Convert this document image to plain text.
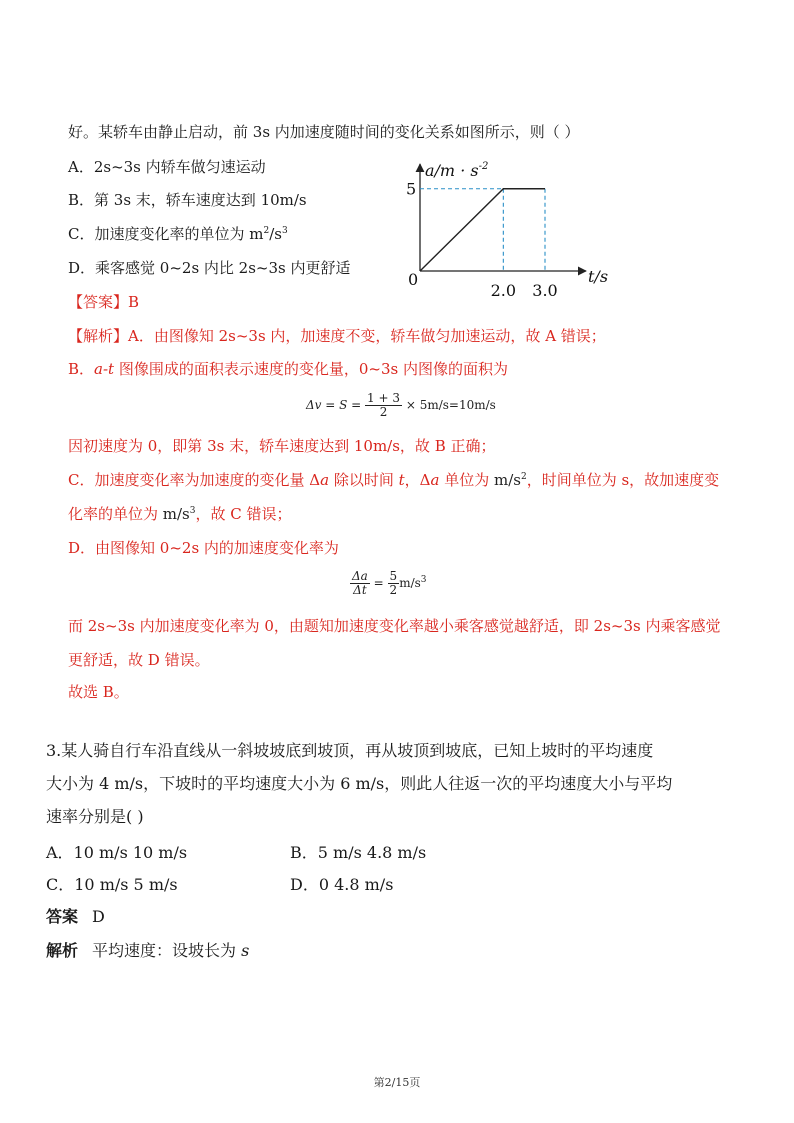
好。某轿车由静止启动，前 3s 内加速度随时间的变化关系如图所示，则（ ）
A．2s~3s 内轿车做匀速运动
B．第 3s 末，轿车速度达到 10m/s
C．加速度变化率的单位为 $m^2/s^3$
D．乘客感觉 0~2s 内比 2s~3s 内更舒适
$a/m \cdot s^{-2}$
t/s
0
5
2.0 3.0
【答案】B
【解析】A．由图像知 2s~3s 内，加速度不变，轿车做匀加速运动，故 A 错误；
B．a-t 图像围成的面积表示速度的变化量，0~3s 内图像的面积为
$\Delta v = S = \frac{1 + 3}{2} \times 5m/s=10m/s$
因初速度为 0，即第 3s 末，轿车速度达到 10m/s，故 B 正确；
C．加速度变化率为加速度的变化量 Δa 除以时间 t，Δa 单位为 $m/s^2$，时间单位为 s，故加速度变
化率的单位为 $m/s^3$，故 C 错误；
D．由图像知 0~2s 内的加速度变化率为
$\frac{\Delta a}{\Delta t} = \frac{5}{2} m/s^3$
而 2s~3s 内加速度变化率为 0，由题知加速度变化率越小乘客感觉越舒适，即 2s~3s 内乘客感觉
更舒适，故 D 错误。
故选 B。
3.某人骑自行车沿直线从一斜坡坡底到坡顶，再从坡顶到坡底，已知上坡时的平均速度
大小为 4 m/s，下坡时的平均速度大小为 6 m/s，则此人往返一次的平均速度大小与平均
速率分别是( )
A．10 m/s 10 m/s	B．5 m/s 4.8 m/s
C．10 m/s 5 m/s	D．0 4.8 m/s
答案 D
解析 平均速度：设坡长为 s
第2/15页
